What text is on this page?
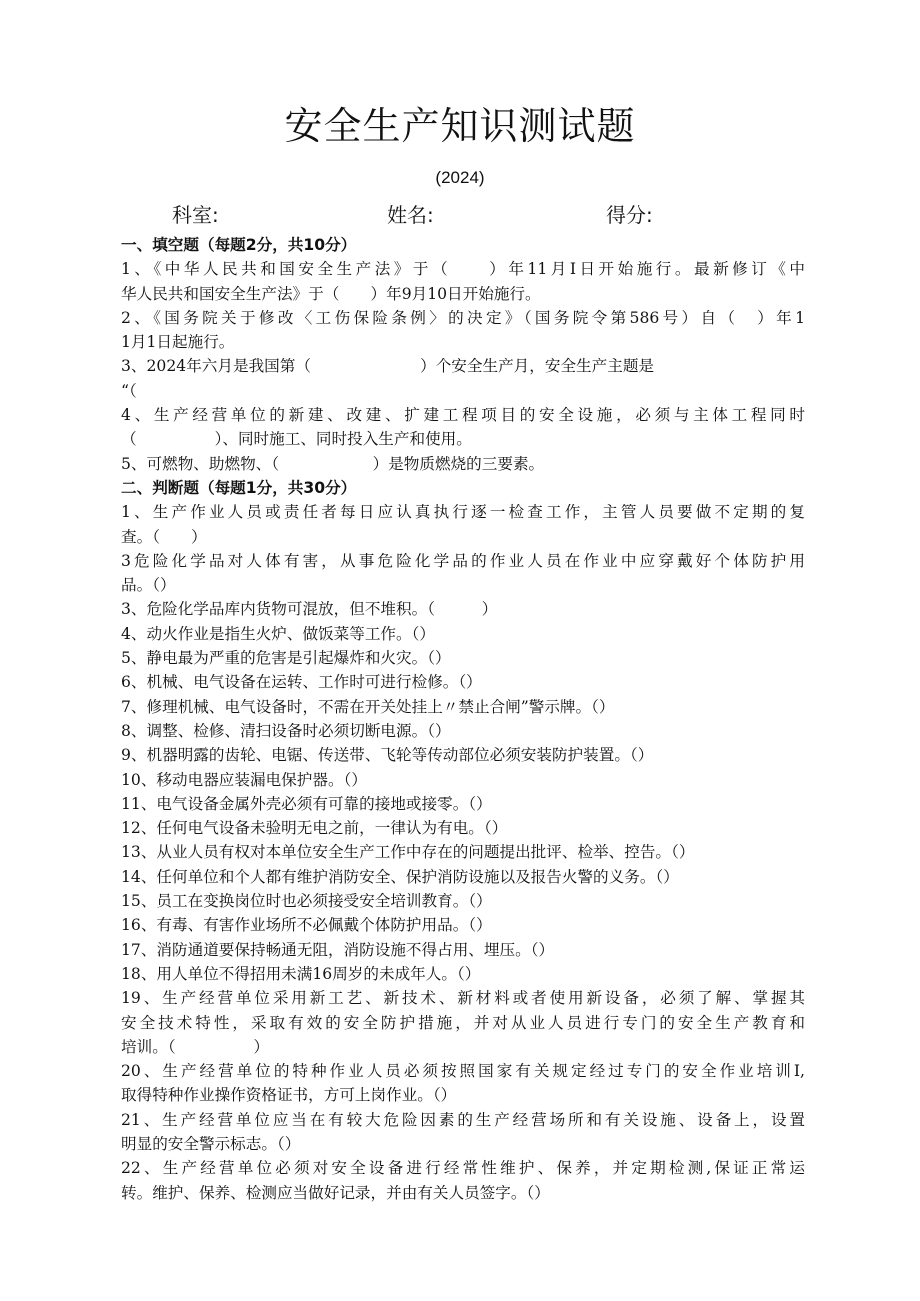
安全生产知识测试题
(2024)
科室:	姓名:	得分:
一、填空题（每题2分，共10分）
1、《中华人民共和国安全生产法》于（　　）年11月I日开始施行。最新修订《中
华人民共和国安全生产法》于（　　）年9月10日开始施行。
2、《国务院关于修改〈工伤保险条例〉的决定》（国务院令第586号）自（　）年1
1月1日起施行。
3、2024年六月是我国第（　　　　　　　）个安全生产月，安全生产主题是
“（
4、生产经营单位的新建、改建、扩建工程项目的安全设施，必须与主体工程同时
（　　　　　）、同时施工、同时投入生产和使用。
5、可燃物、助燃物、（　　　　　　）是物质燃烧的三要素。
二、判断题（每题1分，共30分）
1、生产作业人员或责任者每日应认真执行逐一检查工作，主管人员要做不定期的复
查。（　　）
3危险化学品对人体有害，从事危险化学品的作业人员在作业中应穿戴好个体防护用
品。（）
3、危险化学品库内货物可混放，但不堆积。（　　　）
4、动火作业是指生火炉、做饭菜等工作。（）
5、静电最为严重的危害是引起爆炸和火灾。（）
6、机械、电气设备在运转、工作时可进行检修。（）
7、修理机械、电气设备时，不需在开关处挂上〃禁止合闸”警示牌。（）
8、调整、检修、清扫设备时必须切断电源。（）
9、机器明露的齿轮、电锯、传送带、飞轮等传动部位必须安装防护装置。（）
10、移动电器应装漏电保护器。（）
11、电气设备金属外壳必须有可靠的接地或接零。（）
12、任何电气设备未验明无电之前，一律认为有电。（）
13、从业人员有权对本单位安全生产工作中存在的问题提出批评、检举、控告。（）
14、任何单位和个人都有维护消防安全、保护消防设施以及报告火警的义务。（）
15、员工在变换岗位时也必须接受安全培训教育。（）
16、有毒、有害作业场所不必佩戴个体防护用品。（）
17、消防通道要保持畅通无阻，消防设施不得占用、埋压。（）
18、用人单位不得招用未满16周岁的未成年人。（）
19、生产经营单位采用新工艺、新技术、新材料或者使用新设备，必须了解、掌握其
安全技术特性，采取有效的安全防护措施，并对从业人员进行专门的安全生产教育和
培训。（　　　　　）
20、生产经营单位的特种作业人员必须按照国家有关规定经过专门的安全作业培训I,
取得特种作业操作资格证书，方可上岗作业。（）
21、生产经营单位应当在有较大危险因素的生产经营场所和有关设施、设备上，设置
明显的安全警示标志。（）
22、生产经营单位必须对安全设备进行经常性维护、保养，并定期检测,保证正常运
转。维护、保养、检测应当做好记录，并由有关人员签字。（）
